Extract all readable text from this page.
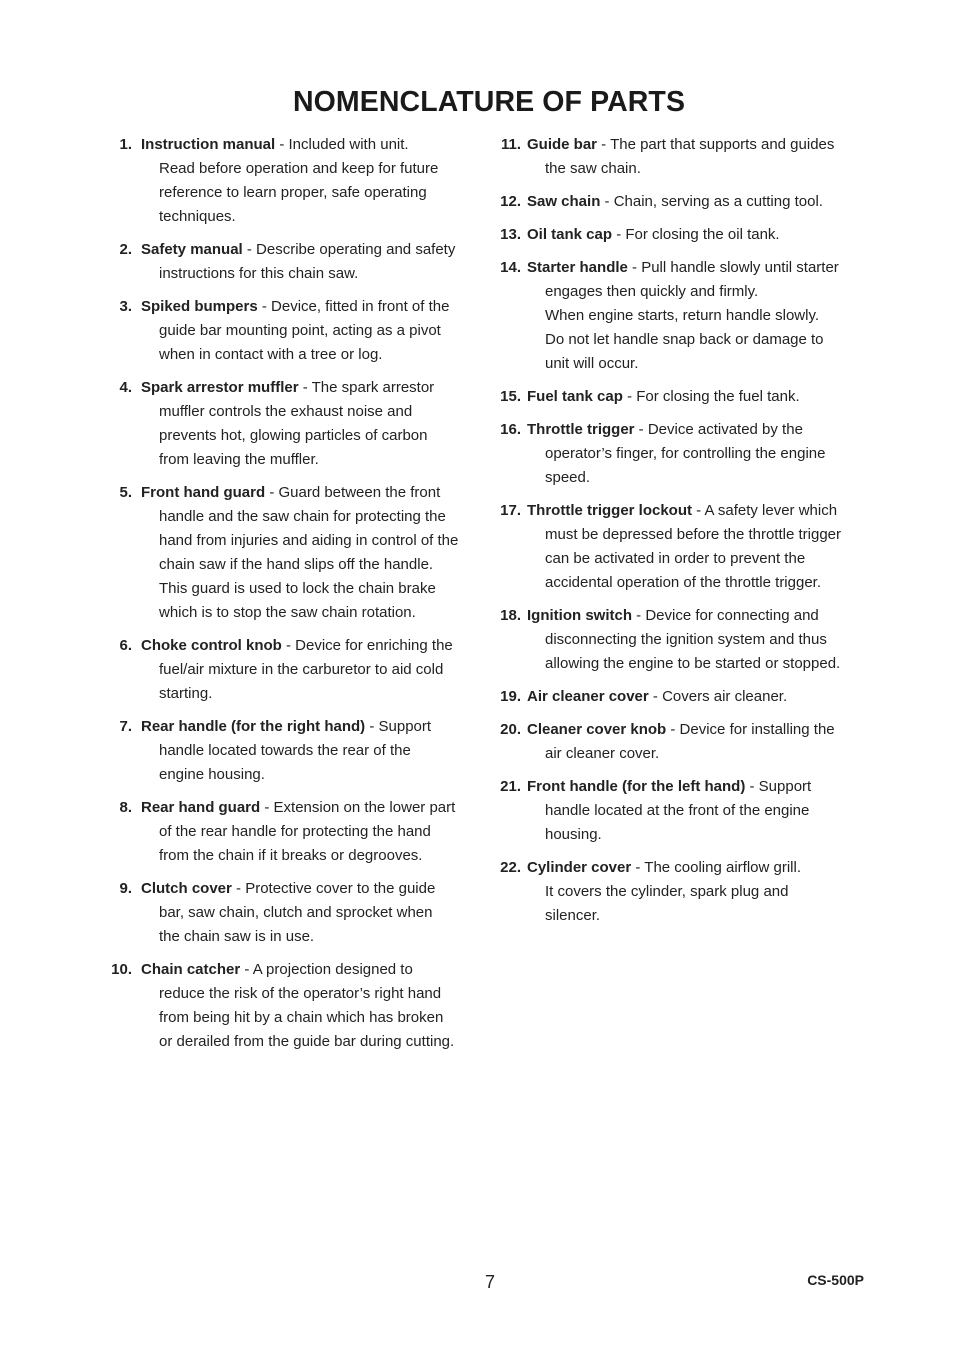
NOMENCLATURE OF PARTS
1. Instruction manual - Included with unit.
Read before operation and keep for future
reference to learn proper, safe operating
techniques.
2. Safety manual - Describe operating and safety
instructions for this chain saw.
3. Spiked bumpers - Device, fitted in front of the
guide bar mounting point, acting as a pivot
when in contact with a tree or log.
4. Spark arrestor muffler - The spark arrestor
muffler controls the exhaust noise and
prevents hot, glowing particles of carbon
from leaving the muffler.
5. Front hand guard - Guard between the front
handle and the saw chain for protecting the
hand from injuries and aiding in control of the
chain saw if the hand slips off the handle.
This guard is used to lock the chain brake
which is to stop the saw chain rotation.
6. Choke control knob - Device for enriching the
fuel/air mixture in the carburetor to aid cold
starting.
7. Rear handle (for the right hand) - Support
handle located towards the rear of the
engine housing.
8. Rear hand guard - Extension on the lower part
of the rear handle for protecting the hand
from the chain if it breaks or degrooves.
9. Clutch cover - Protective cover to the guide
bar, saw chain, clutch and sprocket when
the chain saw is in use.
10. Chain catcher - A projection designed to
reduce the risk of the operator’s right hand
from being hit by a chain which has broken
or derailed from the guide bar during cutting.
11. Guide bar - The part that supports and guides
the saw chain.
12. Saw chain - Chain, serving as a cutting tool.
13. Oil tank cap - For closing the oil tank.
14. Starter handle - Pull handle slowly until starter
engages then quickly and firmly.
When engine starts, return handle slowly.
Do not let handle snap back or damage to
unit will occur.
15. Fuel tank cap - For closing the fuel tank.
16. Throttle trigger - Device activated by the
operator’s finger, for controlling the engine
speed.
17. Throttle trigger lockout - A safety lever which
must be depressed before the throttle trigger
can be activated in order to prevent the
accidental operation of the throttle trigger.
18. Ignition switch - Device for connecting and
disconnecting the ignition system and thus
allowing the engine to be started or stopped.
19. Air cleaner cover - Covers air cleaner.
20. Cleaner cover knob - Device for installing the
air cleaner cover.
21. Front handle (for the left hand) - Support
handle located at the front of the engine
housing.
22. Cylinder cover - The cooling airflow grill.
It covers the cylinder, spark plug and
silencer.
7	CS-500P
